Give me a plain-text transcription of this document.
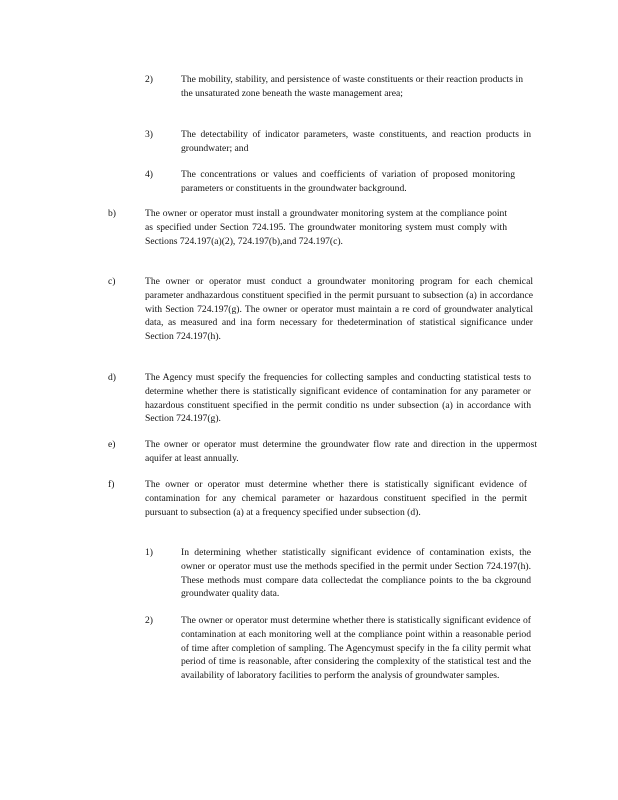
2)	The mobility, stability, and persistence of waste constituents or their reaction products in the unsaturated zone beneath the waste management area;
3)	The detectability of indicator parameters, waste constituents, and reaction products in groundwater; and
4)	The concentrations or values and coefficients of variation of proposed monitoring parameters or constituents in the groundwater background.
b)	The owner or operator must install a groundwater monitoring system at the compliance point as specified under Section 724.195. The groundwater monitoring system must comply with Sections 724.197(a)(2), 724.197(b),and 724.197(c).
c)	The owner or operator must conduct a groundwater monitoring program for each chemical parameter andhazardous constituent specified in the permit pursuant to subsection (a) in accordance with Section 724.197(g). The owner or operator must maintain a re cord of groundwater analytical data, as measured and ina form necessary for thedetermination of statistical significance under Section 724.197(h).
d)	The Agency must specify the frequencies for collecting samples and conducting statistical tests to determine whether there is statistically significant evidence of contamination for any parameter or hazardous constituent specified in the permit conditio ns under subsection (a) in accordance with Section 724.197(g).
e)	The owner or operator must determine the groundwater flow rate and direction in the uppermost aquifer at least annually.
f)	The owner or operator must determine whether there is statistically significant evidence of contamination for any chemical parameter or hazardous constituent specified in the permit pursuant to subsection (a) at a frequency specified under subsection (d).
1)	In determining whether statistically significant evidence of contamination exists, the owner or operator must use the methods specified in the permit under Section 724.197(h). These methods must compare data collectedat the compliance points to the ba ckground groundwater quality data.
2)	The owner or operator must determine whether there is statistically significant evidence of contamination at each monitoring well at the compliance point within a reasonable period of time after completion of sampling. The Agencymust specify in the fa cility permit what period of time is reasonable, after considering the complexity of the statistical test and the availability of laboratory facilities to perform the analysis of groundwater samples.
